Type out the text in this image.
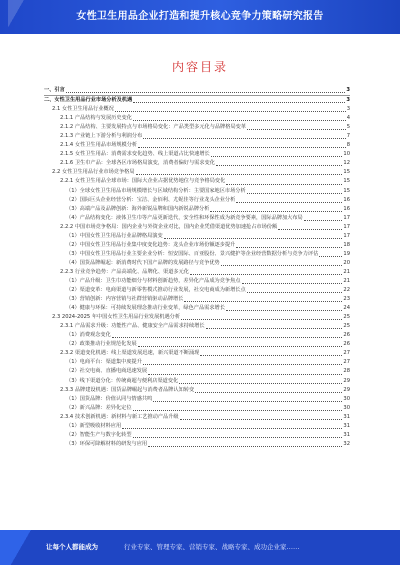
女性卫生用品企业打造和提升核心竞争力策略研究报告
内容目录
一、引言	3
二、女性卫生用品行业市场分析及机遇	3
2.1 女性卫生用品行业概况	3
2.1.1 产品结构与发展历史变化	4
2.1.2 产品结构、主要发展特点与市场格局变化：产品类型多元化与品牌格局变革	5
2.1.3 产业链上下游分析与利润分布	7
2.1.4 女性卫生用品市场规模分析	8
2.1.5 女性卫生用品：消费需求变化趋势、线上渠道占比快速增长	10
2.1.6 卫生巾产品：全球各区市场格局演变，消费者偏好与需求变化	12
2.2 女性卫生用品行业市场竞争格局	15
2.2.1 女性卫生用品全球市场：国际大企业占据优势地位与竞争格局变化	15
（1）全球女性卫生用品市场规模增长与区域结构分析：主要国家地区市场分析	15
（2）国际巨头企业经营分析：宝洁、金佰利、尤妮佳等行业龙头企业分析	16
（3）高端产品及品牌创新：海外新锐品牌和国内新锐品牌分析	16
（4）产品结构变化：液体卫生巾等产品更新迭代，安全性和环保性成为新竞争要素，国际品牌加大布局	17
2.2.2 中国市场竞争格局：国内企业与外资企业对比，国内企业凭借渠道优势加速抢占市场份额	17
（1）中国女性卫生用品行业品牌格局演变	17
（2）中国女性卫生用品行业集中度变化趋势：龙头企业市场份额逐步提升	18
（3）中国女性卫生用品行业主要企业分析：恒安国际、百亚股份、景兴健护等企业经营数据分析与竞争力评估	19
（4）国货品牌崛起：新消费时代下国产品牌的发展路径与竞争优势	20
2.2.3 行业竞争趋势：产品高端化、品牌化、渠道多元化	21
（1）产品升级：卫生巾功能细分与材料创新趋势，差异化产品成为竞争焦点	21
（2）渠道变革：电商渠道与新零售模式推动行业发展，社交电商成为新增长点	22
（3）营销创新：内容营销与社群营销驱动品牌增长	23
（4）健康与环保：可持续发展理念推动行业变革，绿色产品需求增长	24
2.3 2024-2025 年中国女性卫生用品行业发展机遇分析	25
2.3.1 产品需求升级：功能性产品、健康安全产品需求持续增长	25
（1）消费观念变化	26
（2）政策推动行业规范化发展	26
2.3.2 渠道变化机遇：线上渠道发展迅速，新兴渠道不断涌现	27
（1）电商平台：渠道集中度提升	27
（2）社交电商、直播电商迅速发展	28
（3）线下渠道分化：传统商超与便利店渠道变化	29
2.3.3 品牌建设机遇：国货品牌崛起与消费者品牌认知转变	29
（1）国货品牌：价值认同与情感共鸣	30
（2）新兴品牌：差异化定位	30
2.3.4 技术创新机遇：新材料与新工艺推动产品升级	31
（1）新型吸收材料应用	31
（2）智能生产与数字化转型	31
（3）环保可降解材料的研发与应用	32
让每个人都能成为	行业专家、管理专家、营销专家、战略专家、成功企业家……
